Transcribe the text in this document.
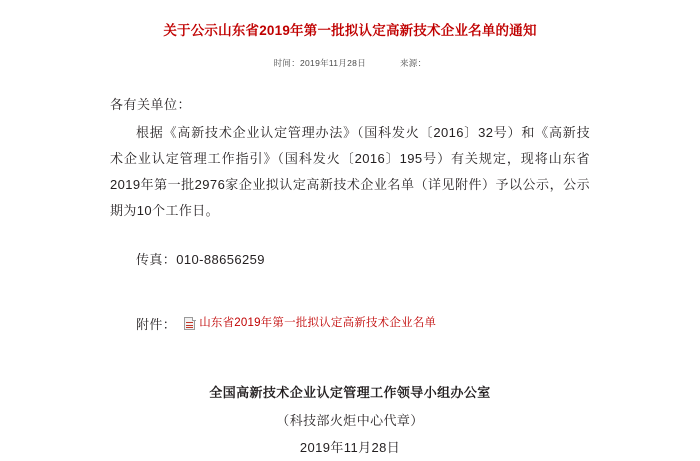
关于公示山东省2019年第一批拟认定高新技术企业名单的通知
时间：2019年11月28日	来源：

各有关单位：

根据《高新技术企业认定管理办法》（国科发火〔2016〕32号）和《高新技术企业认定管理工作指引》（国科发火〔2016〕195号）有关规定，现将山东省2019年第一批2976家企业拟认定高新技术企业名单（详见附件）予以公示，公示期为10个工作日。

传真：010-88656259

附件： 山东省2019年第一批拟认定高新技术企业名单
全国高新技术企业认定管理工作领导小组办公室
（科技部火炬中心代章）
2019年11月28日
